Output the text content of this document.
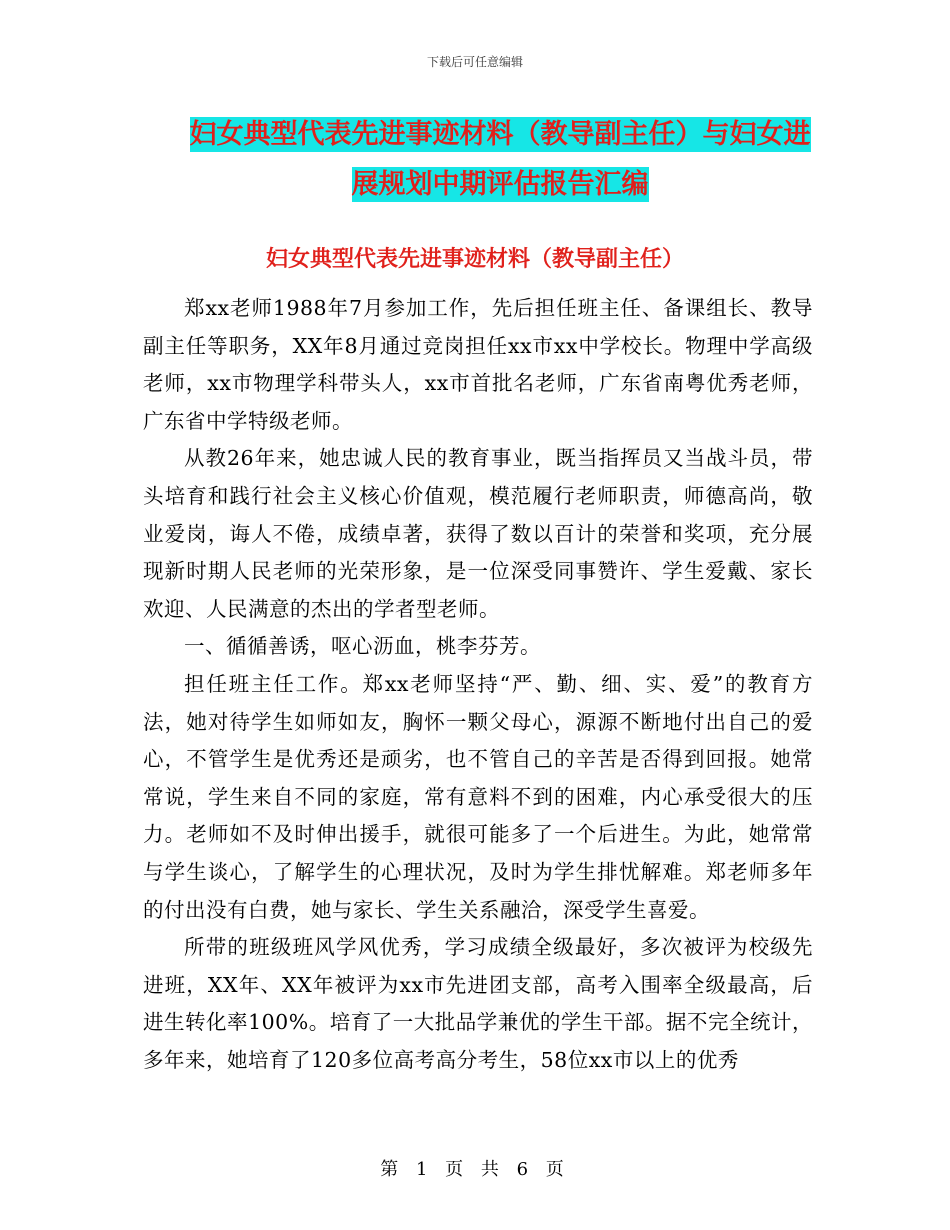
下载后可任意编辑
妇女典型代表先进事迹材料（教导副主任）与妇女进
展规划中期评估报告汇编
妇女典型代表先进事迹材料（教导副主任）

郑xx老师1988年7月参加工作，先后担任班主任、备课组长、教导副主任等职务，XX年8月通过竞岗担任xx市xx中学校长。物理中学高级老师，xx市物理学科带头人，xx市首批名老师，广东省南粤优秀老师，广东省中学特级老师。

从教26年来，她忠诚人民的教育事业，既当指挥员又当战斗员，带头培育和践行社会主义核心价值观，模范履行老师职责，师德高尚，敬业爱岗，诲人不倦，成绩卓著，获得了数以百计的荣誉和奖项，充分展现新时期人民老师的光荣形象，是一位深受同事赞许、学生爱戴、家长欢迎、人民满意的杰出的学者型老师。

一、循循善诱，呕心沥血，桃李芬芳。

担任班主任工作。郑xx老师坚持“严、勤、细、实、爱”的教育方法，她对待学生如师如友，胸怀一颗父母心，源源不断地付出自己的爱心，不管学生是优秀还是顽劣，也不管自己的辛苦是否得到回报。她常常说，学生来自不同的家庭，常有意料不到的困难，内心承受很大的压力。老师如不及时伸出援手，就很可能多了一个后进生。为此，她常常与学生谈心，了解学生的心理状况，及时为学生排忧解难。郑老师多年的付出没有白费，她与家长、学生关系融洽，深受学生喜爱。

所带的班级班风学风优秀，学习成绩全级最好，多次被评为校级先进班，XX年、XX年被评为xx市先进团支部，高考入围率全级最高，后进生转化率100%。培育了一大批品学兼优的学生干部。据不完全统计，多年来，她培育了120多位高考高分考生，58位xx市以上的优秀

第 1 页 共 6 页
